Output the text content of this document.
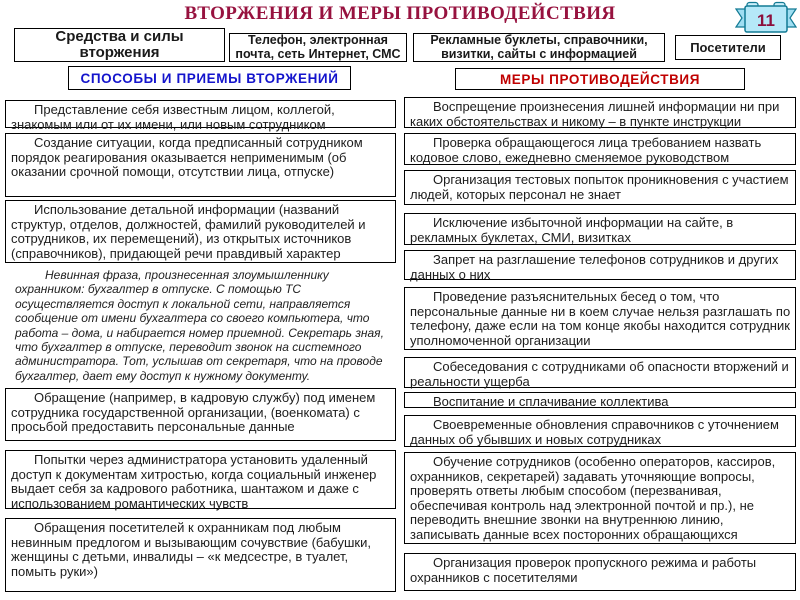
ВТОРЖЕНИЯ И МЕРЫ ПРОТИВОДЕЙСТВИЯ	11
Средства и силы вторжения
Телефон, электронная почта, сеть Интернет, СМС
Рекламные буклеты, справочники, визитки, сайты с информацией	Посетители
СПОСОБЫ И ПРИЕМЫ ВТОРЖЕНИЙ	МЕРЫ ПРОТИВОДЕЙСТВИЯ
Представление себя известным лицом, коллегой, знакомым или от их имени, или новым сотрудником
Создание ситуации, когда предписанный сотрудником порядок реагирования оказывается неприменимым (об оказании срочной помощи, отсутствии лица, отпуске)
Использование детальной информации (названий структур, отделов, должностей, фамилий руководителей и сотрудников, их перемещений), из открытых источников (справочников), придающей речи правдивый характер
Невинная фраза, произнесенная злоумышленнику охранником: бухгалтер в отпуске. С помощью ТС осуществляется доступ к локальной сети, направляется сообщение от имени бухгалтера со своего компьютера, что работа – дома, и набирается номер приемной. Секретарь зная, что бухгалтер в отпуске, переводит звонок на системного администратора. Тот, услышав от секретаря, что на проводе бухгалтер, дает ему доступ к нужному документу.
Обращение (например, в кадровую службу) под именем сотрудника государственной организации, (военкомата) с просьбой предоставить персональные данные
Попытки через администратора установить удаленный доступ к документам хитростью, когда социальный инженер выдает себя за кадрового работника, шантажом и даже с использованием романтических чувств
Обращения посетителей к охранникам под любым невинным предлогом и вызывающим сочувствие (бабушки, женщины с детьми, инвалиды – «к медсестре, в туалет, помыть руки»)
Воспрещение произнесения лишней информации ни при каких обстоятельствах и никому – в пункте инструкции
Проверка обращающегося лица требованием назвать кодовое слово, ежедневно сменяемое руководством
Организация тестовых попыток проникновения с участием людей, которых персонал не знает
Исключение избыточной информации на сайте, в рекламных буклетах, СМИ, визитках
Запрет на разглашение телефонов сотрудников и других данных о них
Проведение разъяснительных бесед о том, что персональные данные ни в коем случае нельзя разглашать по телефону, даже если на том конце якобы находится сотрудник уполномоченной организации
Собеседования с сотрудниками об опасности вторжений и реальности ущерба
Воспитание и сплачивание коллектива
Своевременные обновления справочников с уточнением данных об убывших и новых сотрудниках
Обучение сотрудников (особенно операторов, кассиров, охранников, секретарей) задавать уточняющие вопросы, проверять ответы любым способом (перезванивая, обеспечивая контроль над электронной почтой и пр.), не переводить внешние звонки на внутреннюю линию, записывать данные всех посторонних обращающихся
Организация проверок пропускного режима и работы охранников с посетителями
